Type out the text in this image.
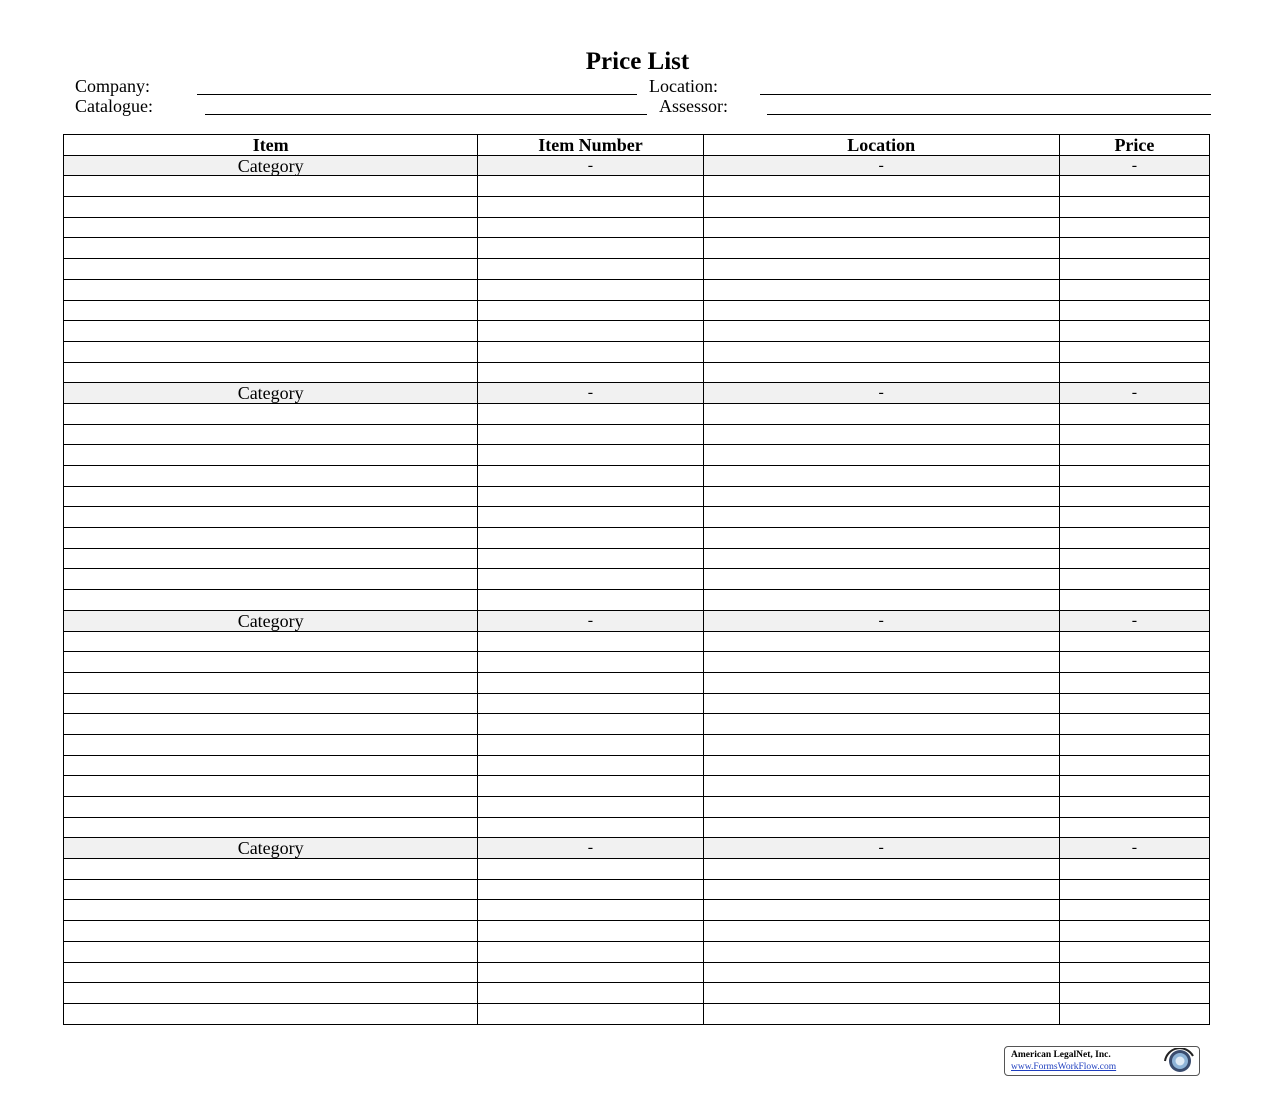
Price List
Company:	Location:
Catalogue:	Assessor:
Item	Item Number	Location	Price
Category	-	-	-

Category	-	-	-

Category	-	-	-

Category	-	-	-

American LegalNet, Inc.
www.FormsWorkFlow.com
